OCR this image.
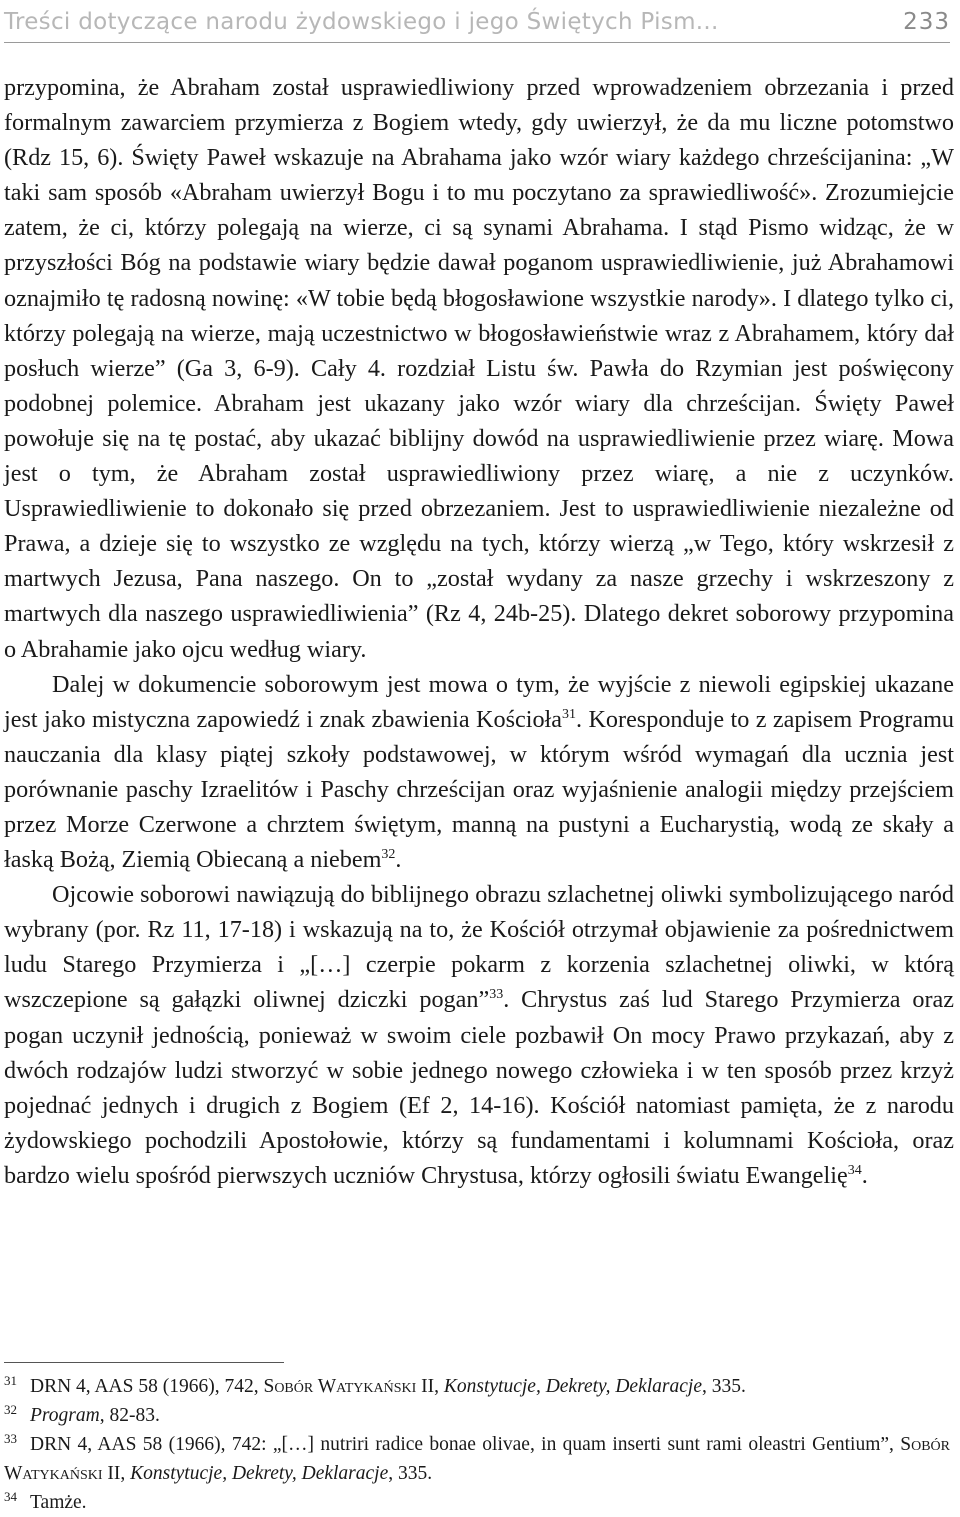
Treści dotyczące narodu żydowskiego i jego Świętych Pism...	233

przypomina, że Abraham został usprawiedliwiony przed wprowadzeniem obrzezania i przed formalnym zawarciem przymierza z Bogiem wtedy, gdy uwierzył, że da mu liczne potomstwo (Rdz 15, 6). Święty Paweł wskazuje na Abrahama jako wzór wiary każdego chrześcijanina: „W taki sam sposób «Abraham uwierzył Bogu i to mu poczytano za sprawiedliwość». Zrozumiejcie zatem, że ci, którzy polegają na wierze, ci są synami Abrahama. I stąd Pismo widząc, że w przyszłości Bóg na podstawie wiary będzie dawał poganom usprawiedliwienie, już Abrahamowi oznajmiło tę radosną nowinę: «W tobie będą błogosławione wszystkie narody». I dlatego tylko ci, którzy polegają na wierze, mają uczestnictwo w błogosławieństwie wraz z Abrahamem, który dał posłuch wierze” (Ga 3, 6-9). Cały 4. rozdział Listu św. Pawła do Rzymian jest poświęcony podobnej polemice. Abraham jest ukazany jako wzór wiary dla chrześcijan. Święty Paweł powołuje się na tę postać, aby ukazać biblijny dowód na usprawiedliwienie przez wiarę. Mowa jest o tym, że Abraham został usprawiedliwiony przez wiarę, a nie z uczynków. Usprawiedliwienie to dokonało się przed obrzezaniem. Jest to usprawiedliwienie niezależne od Prawa, a dzieje się to wszystko ze względu na tych, którzy wierzą „w Tego, który wskrzesił z martwych Jezusa, Pana naszego. On to „został wydany za nasze grzechy i wskrzeszony z martwych dla naszego usprawiedliwienia” (Rz 4, 24b-25). Dlatego dekret soborowy przypomina o Abrahamie jako ojcu według wiary.

Dalej w dokumencie soborowym jest mowa o tym, że wyjście z niewoli egipskiej ukazane jest jako mistyczna zapowiedź i znak zbawienia Kościoła$^{31}$. Koresponduje to z zapisem Programu nauczania dla klasy piątej szkoły podstawowej, w którym wśród wymagań dla ucznia jest porównanie paschy Izraelitów i Paschy chrześcijan oraz wyjaśnienie analogii między przejściem przez Morze Czerwone a chrztem świętym, manną na pustyni a Eucharystią, wodą ze skały a łaską Bożą, Ziemią Obiecaną a niebem$^{32}$.

Ojcowie soborowi nawiązują do biblijnego obrazu szlachetnej oliwki symbolizującego naród wybrany (por. Rz 11, 17-18) i wskazują na to, że Kościół otrzymał objawienie za pośrednictwem ludu Starego Przymierza i „[…] czerpie pokarm z korzenia szlachetnej oliwki, w którą wszczepione są gałązki oliwnej dziczki pogan”$^{33}$. Chrystus zaś lud Starego Przymierza oraz pogan uczynił jednością, ponieważ w swoim ciele pozbawił On mocy Prawo przykazań, aby z dwóch rodzajów ludzi stworzyć w sobie jednego nowego człowieka i w ten sposób przez krzyż pojednać jednych i drugich z Bogiem (Ef 2, 14-16). Kościół natomiast pamięta, że z narodu żydowskiego pochodzili Apostołowie, którzy są fundamentami i kolumnami Kościoła, oraz bardzo wielu spośród pierwszych uczniów Chrystusa, którzy ogłosili światu Ewangelię$^{34}$.

31 DRN 4, AAS 58 (1966), 742, Sobór Watykański II, Konstytucje, Dekrety, Deklaracje, 335.

32 Program, 82-83.

33 DRN 4, AAS 58 (1966), 742: „[…] nutriri radice bonae olivae, in quam inserti sunt rami oleastri Gentium”, Sobór Watykański II, Konstytucje, Dekrety, Deklaracje, 335.

34 Tamże.
